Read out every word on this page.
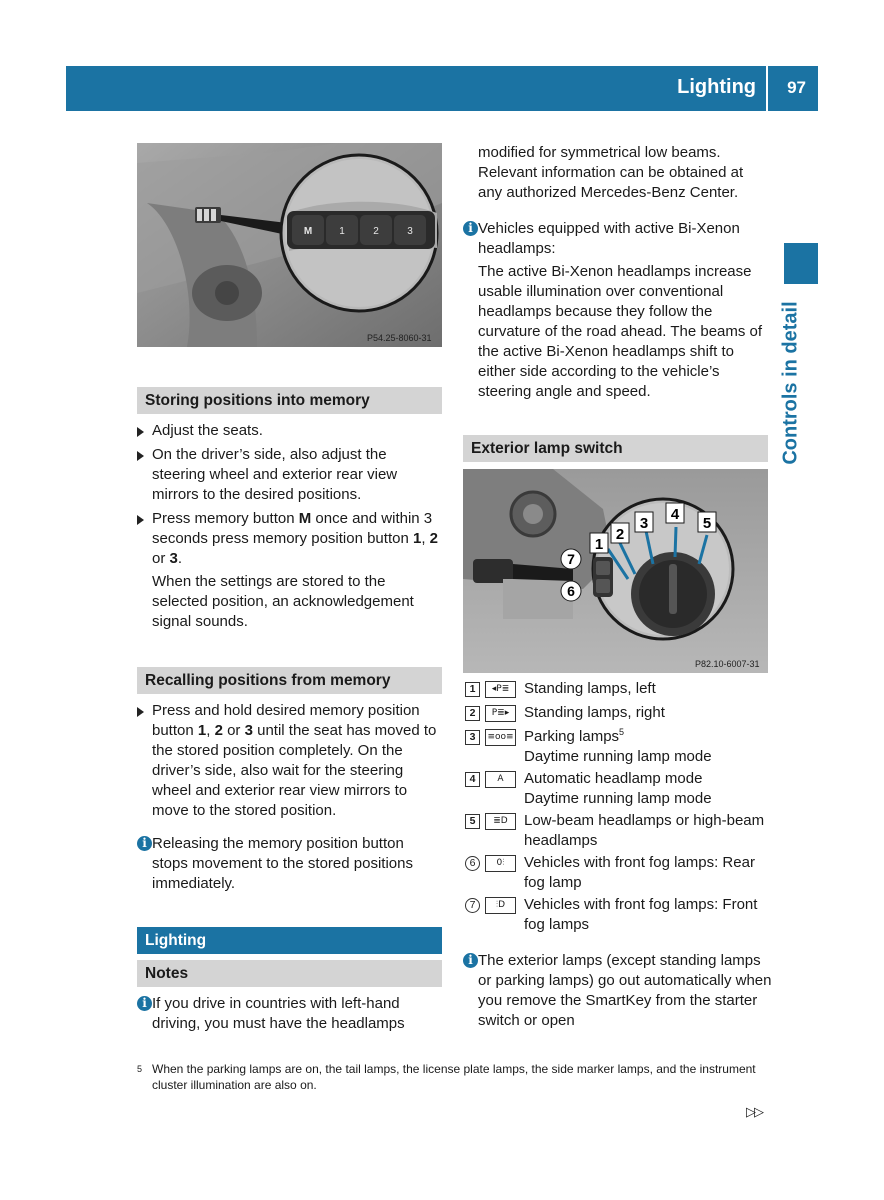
Lighting 97
Controls in detail
M	1	2	3
P54.25-8060-31
Storing positions into memory
Adjust the seats.
On the driver’s side, also adjust the steering wheel and exterior rear view mirrors to the desired positions.
Press memory button M once and within 3 seconds press memory position button 1, 2 or 3.
When the settings are stored to the selected position, an acknowledgement signal sounds.
Recalling positions from memory
Press and hold desired memory position button 1, 2 or 3 until the seat has moved to the stored position completely. On the driver’s side, also wait for the steering wheel and exterior rear view mirrors to move to the stored position.
i Releasing the memory position button stops movement to the stored positions immediately.
Lighting
Notes
i If you drive in countries with left-hand driving, you must have the headlamps
modified for symmetrical low beams. Relevant information can be obtained at any authorized Mercedes-Benz Center.
i Vehicles equipped with active Bi-Xenon headlamps:
The active Bi-Xenon headlamps increase usable illumination over conventional headlamps because they follow the curvature of the road ahead. The beams of the active Bi-Xenon headlamps shift to either side according to the vehicle’s steering angle and speed.
Exterior lamp switch
1
2
3
4
5
7
6
P82.10-6007-31
1	◂P≣ Standing lamps, left
2	P≣▸ Standing lamps, right
3	≡oo≡ Parking lamps$^5$
Daytime running lamp mode
4	A	Automatic headlamp mode
Daytime running lamp mode
5	≣D	Low-beam headlamps or high-beam headlamps
6	0⫶	Vehicles with front fog lamps: Rear fog lamp
7	⫶D	Vehicles with front fog lamps: Front fog lamps
i The exterior lamps (except standing lamps or parking lamps) go out automatically when you remove the SmartKey from the starter switch or open
5 When the parking lamps are on, the tail lamps, the license plate lamps, the side marker lamps, and the instrument cluster illumination are also on.
▷▷
